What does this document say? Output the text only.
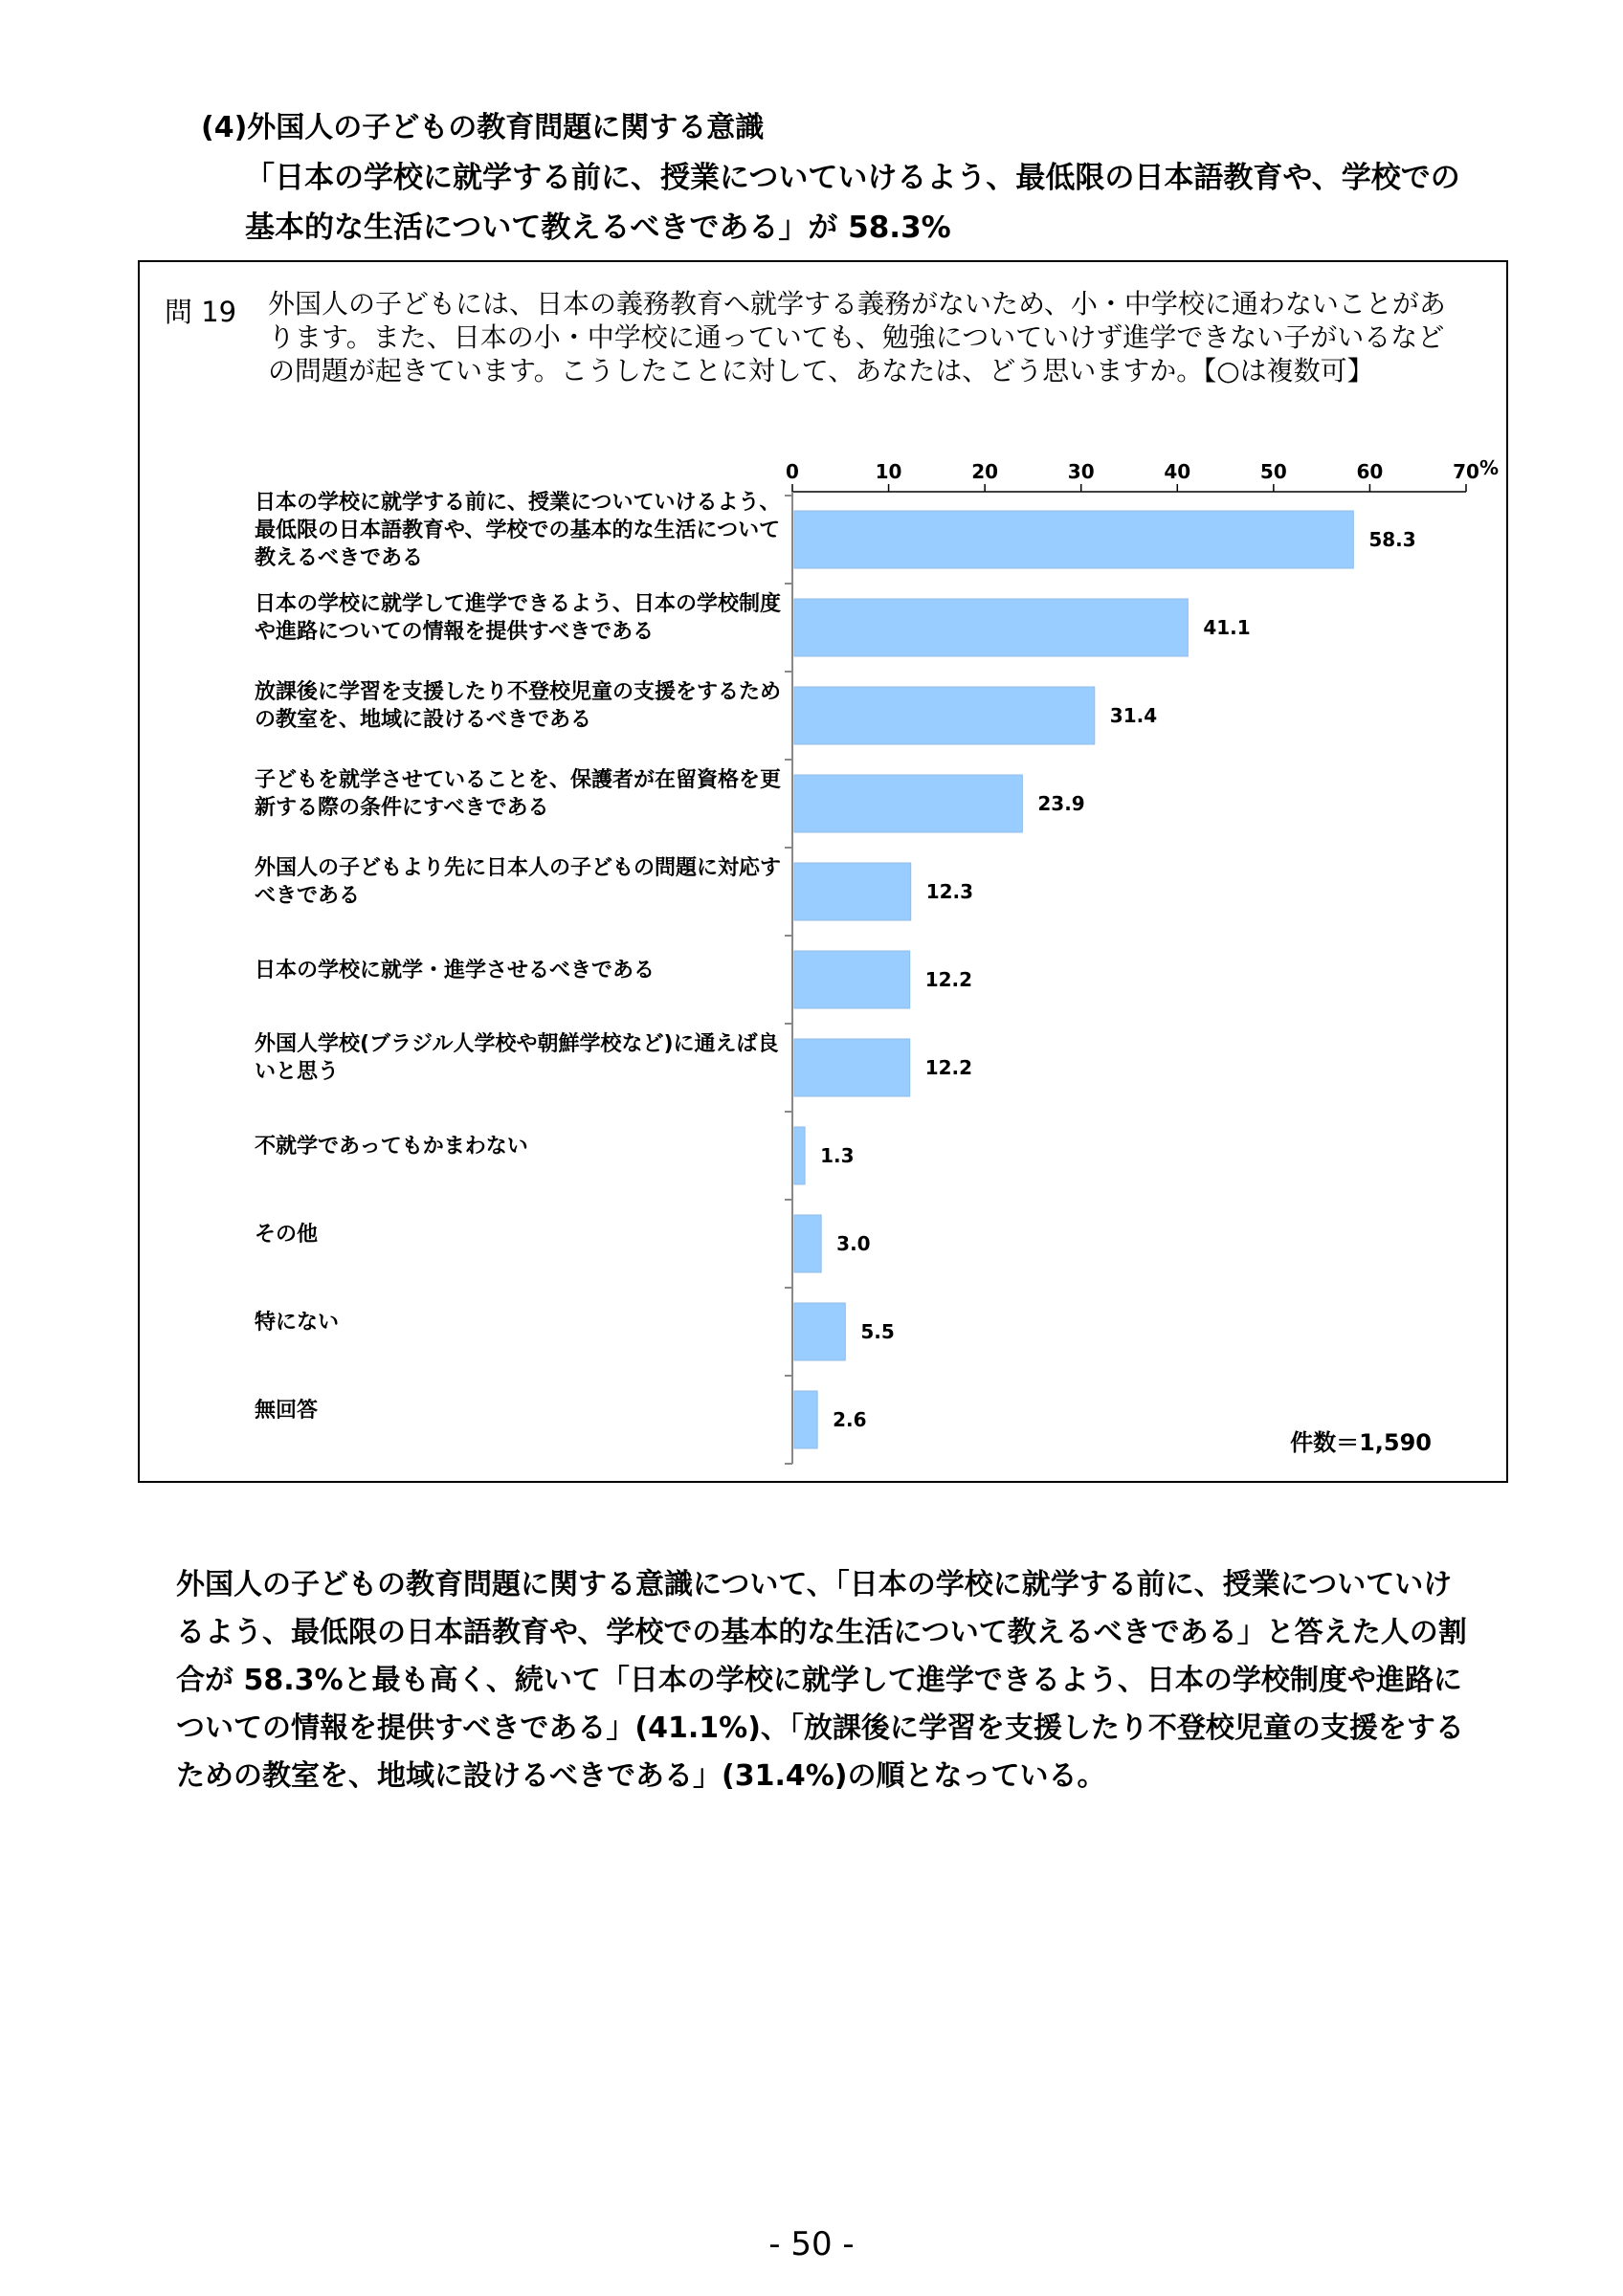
(4)外国人の子どもの教育問題に関する意識
「日本の学校に就学する前に、授業についていけるよう、最低限の日本語教育や、学校での基本的な生活について教えるべきである」が 58.3%
問 19 外国人の子どもには、日本の義務教育へ就学する義務がないため、小・中学校に通わないことがあります。また、日本の小・中学校に通っていても、勉強についていけず進学できない子がいるなどの問題が起きています。こうしたことに対して、あなたは、どう思いますか。【○は複数可】
日本の学校に就学する前に、授業についていけるよう、最低限の日本語教育や、学校での基本的な生活について教えるべきである
日本の学校に就学して進学できるよう、日本の学校制度や進路についての情報を提供すべきである
放課後に学習を支援したり不登校児童の支援をするための教室を、地域に設けるべきである
子どもを就学させていることを、保護者が在留資格を更新する際の条件にすべきである
外国人の子どもより先に日本人の子どもの問題に対応すべきである
日本の学校に就学・進学させるべきである
外国人学校(ブラジル人学校や朝鮮学校など)に通えば良いと思う
不就学であってもかまわない
その他
特にない
無回答
0	10	20	30	40	50	60	70 %
58.3
41.1
31.4
23.9
12.3
12.2
12.2
1.3
3.0
5.5
2.6
件数＝1,590
外国人の子どもの教育問題に関する意識について、「日本の学校に就学する前に、授業についていけるよう、最低限の日本語教育や、学校での基本的な生活について教えるべきである」と答えた人の割合が 58.3%と最も高く、続いて「日本の学校に就学して進学できるよう、日本の学校制度や進路についての情報を提供すべきである」(41.1%)、「放課後に学習を支援したり不登校児童の支援をするための教室を、地域に設けるべきである」(31.4%)の順となっている。
- 50 -
